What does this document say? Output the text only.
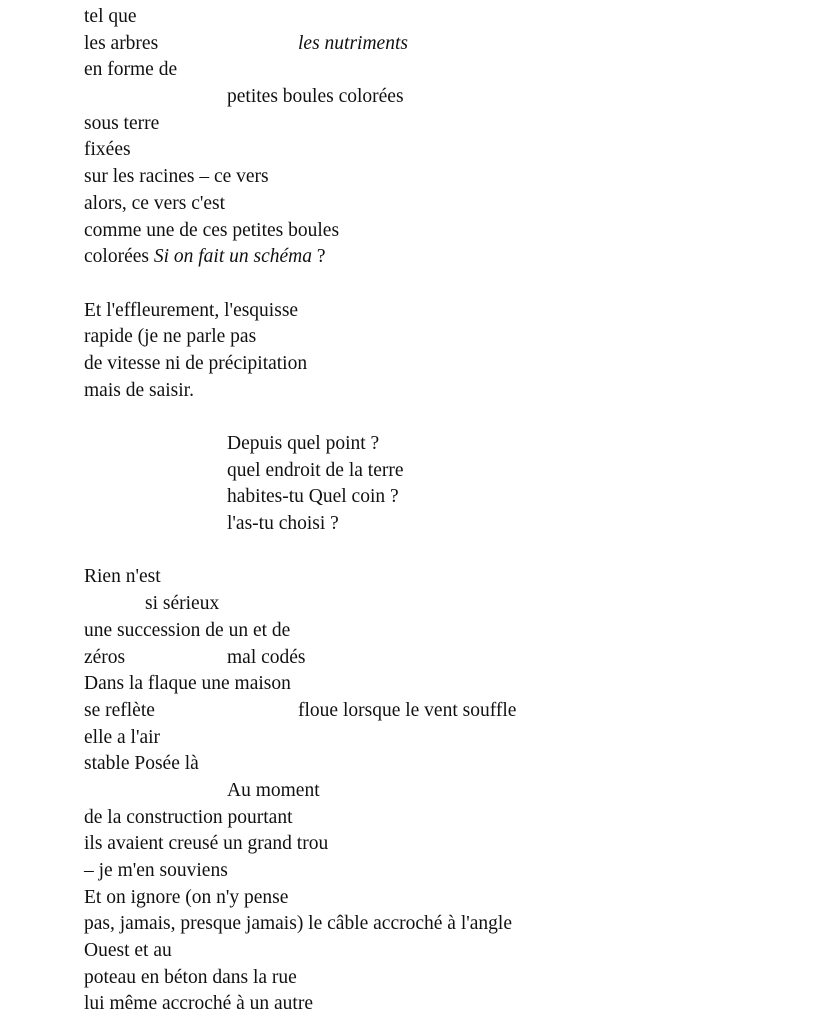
tel que
les arbres	les nutriments
en forme de
petites boules colorées
sous terre
fixées
sur les racines – ce vers
alors, ce vers c'est
comme une de ces petites boules
colorées Si on fait un schéma ?
Et l'effleurement, l'esquisse
rapide (je ne parle pas
de vitesse ni de précipitation
mais de saisir.
Depuis quel point ?
quel endroit de la terre
habites-tu Quel coin ?
l'as-tu choisi ?
Rien n'est
si sérieux
une succession de un et de
zéros	mal codés
Dans la flaque une maison
se reflète	floue lorsque le vent souffle
elle a l'air
stable Posée là
Au moment
de la construction pourtant
ils avaient creusé un grand trou
– je m'en souviens
Et on ignore (on n'y pense
pas, jamais, presque jamais) le câble accroché à l'angle
Ouest et au
poteau en béton dans la rue
lui même accroché à un autre
